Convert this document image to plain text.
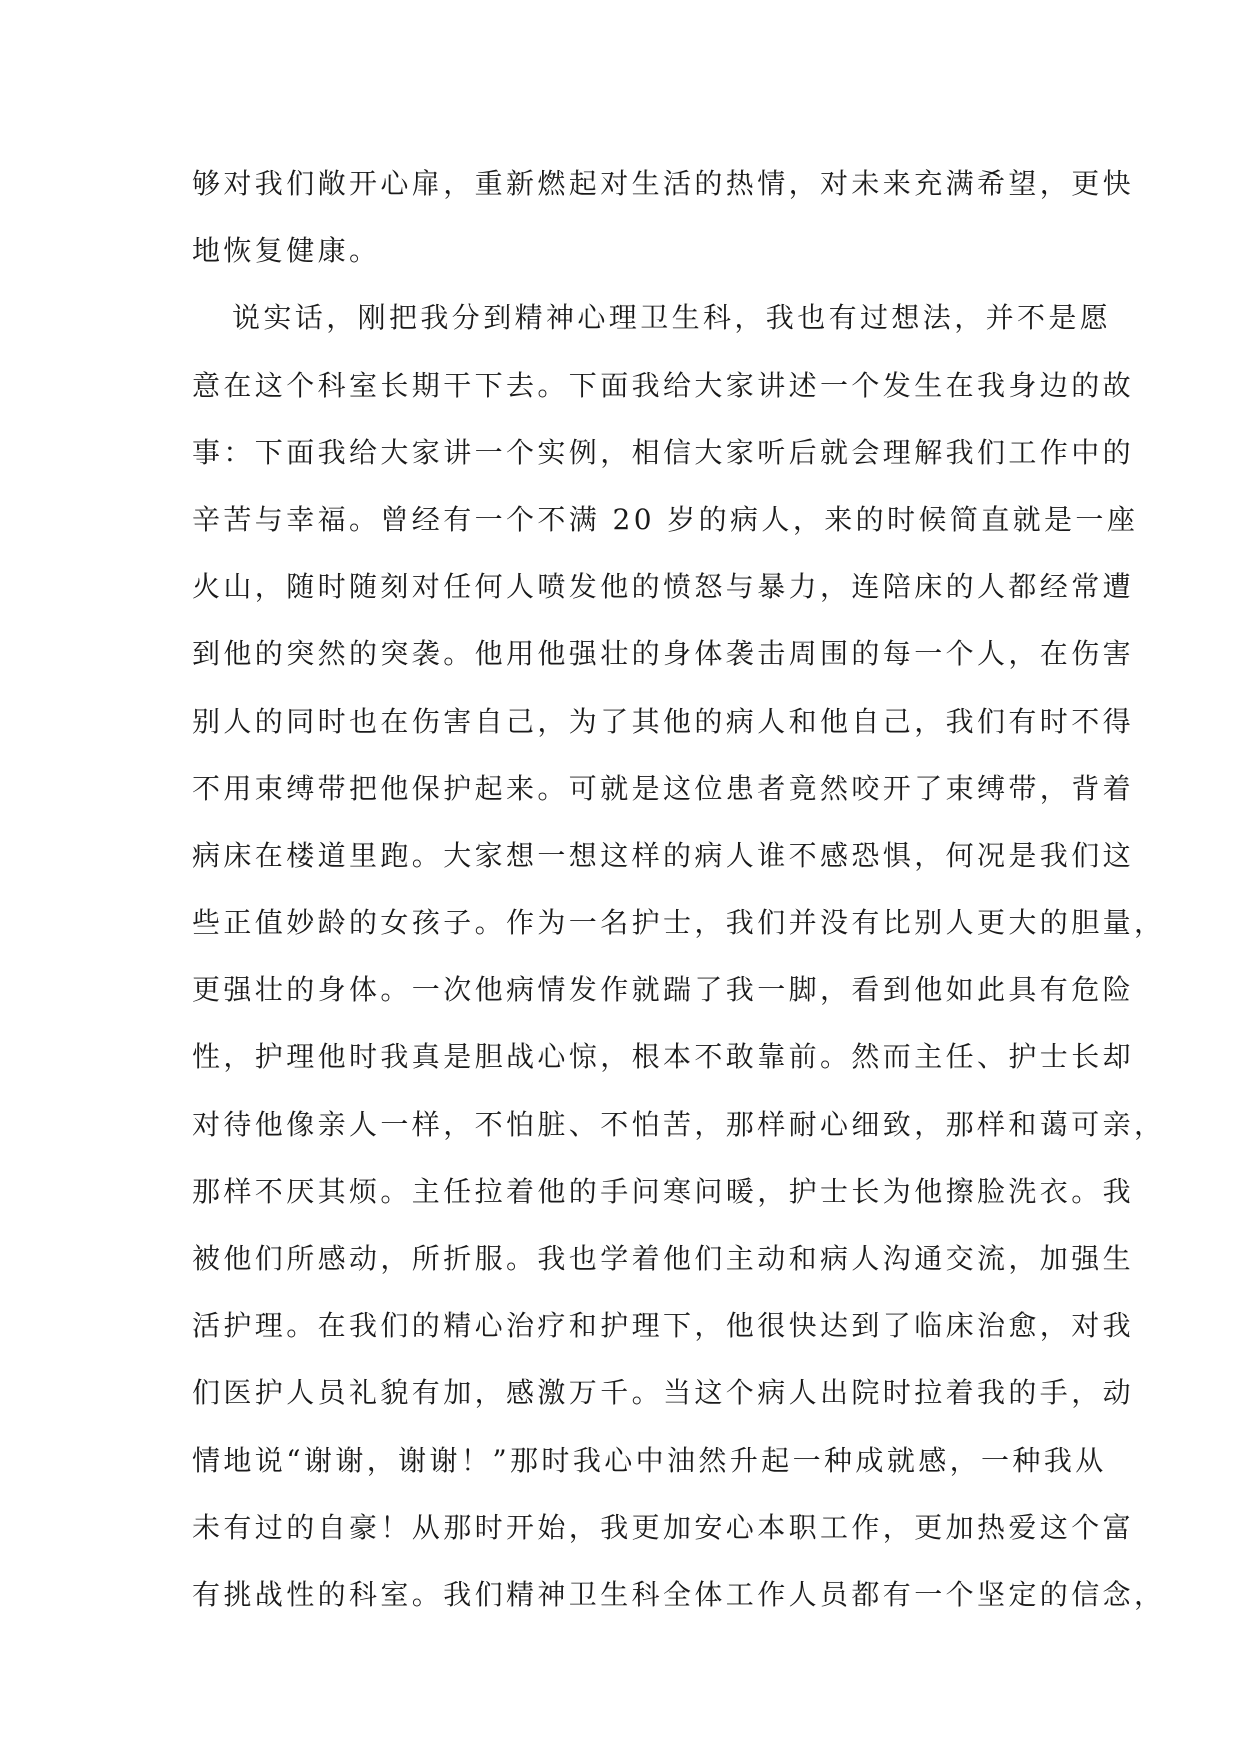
够对我们敞开心扉，重新燃起对生活的热情，对未来充满希望，更快
地恢复健康。
说实话，刚把我分到精神心理卫生科，我也有过想法，并不是愿
意在这个科室长期干下去。下面我给大家讲述一个发生在我身边的故
事：下面我给大家讲一个实例，相信大家听后就会理解我们工作中的
辛苦与幸福。曾经有一个不满 20 岁的病人，来的时候简直就是一座
火山，随时随刻对任何人喷发他的愤怒与暴力，连陪床的人都经常遭
到他的突然的突袭。他用他强壮的身体袭击周围的每一个人，在伤害
别人的同时也在伤害自己，为了其他的病人和他自己，我们有时不得
不用束缚带把他保护起来。可就是这位患者竟然咬开了束缚带，背着
病床在楼道里跑。大家想一想这样的病人谁不感恐惧，何况是我们这
些正值妙龄的女孩子。作为一名护士，我们并没有比别人更大的胆量，
更强壮的身体。一次他病情发作就踹了我一脚，看到他如此具有危险
性，护理他时我真是胆战心惊，根本不敢靠前。然而主任、护士长却
对待他像亲人一样，不怕脏、不怕苦，那样耐心细致，那样和蔼可亲，
那样不厌其烦。主任拉着他的手问寒问暖，护士长为他擦脸洗衣。我
被他们所感动，所折服。我也学着他们主动和病人沟通交流，加强生
活护理。在我们的精心治疗和护理下，他很快达到了临床治愈，对我
们医护人员礼貌有加，感激万千。当这个病人出院时拉着我的手，动
情地说“谢谢，谢谢！”那时我心中油然升起一种成就感，一种我从
未有过的自豪！从那时开始，我更加安心本职工作，更加热爱这个富
有挑战性的科室。我们精神卫生科全体工作人员都有一个坚定的信念，
